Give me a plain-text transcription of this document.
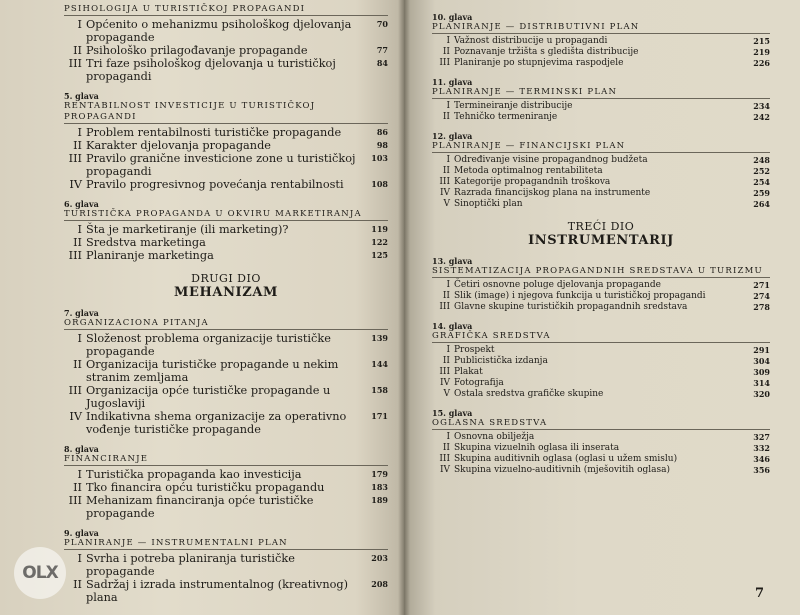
PSIHOLOGIJA U TURISTIČKOJ PROPAGANDI
I Općenito o mehanizmu psihološkog djelovanja propagande
70
II Psihološko prilagođavanje propagande	77
III Tri faze psihološkog djelovanja u turističkoj propagandi
84
5. glava
RENTABILNOST INVESTICIJE U TURISTIČKOJ PROPAGANDI
I Problem rentabilnosti turističke propagande	86
II Karakter djelovanja propagande	98
III Pravilo granične investicione zone u turističkoj propagandi
103
IV Pravilo progresivnog povećanja rentabilnosti	108
6. glava
TURISTIČKA PROPAGANDA U OKVIRU MARKETIRANJA
I Šta je marketiranje (ili marketing)?	119
II Sredstva marketinga	122
III Planiranje marketinga	125
DRUGI DIO
MEHANIZAM
7. glava
ORGANIZACIONA PITANJA
I Složenost problema organizacije turističke propagande
139
II Organizacija turističke propagande u nekim stranim zemljama
144
III Organizacija opće turističke propagande u Jugoslaviji
158
IV Indikativna shema organizacije za operativno vođenje turističke propagande
171
8. glava
FINANCIRANJE
I Turistička propaganda kao investicija	179
II Tko financira opću turističku propagandu	183
III Mehanizam financiranja opće turističke propagande
189
9. glava
PLANIRANJE — INSTRUMENTALNI PLAN
I Svrha i potreba planiranja turističke propagande
203
II Sadržaj i izrada instrumentalnog (kreativnog) plana
208
10. glava
PLANIRANJE — DISTRIBUTIVNI PLAN
I Važnost distribucije u propagandi	215
II Poznavanje tržišta s gledišta distribucije	219
III Planiranje po stupnjevima raspodjele	226
11. glava
PLANIRANJE — TERMINSKI PLAN
I Termineiranje distribucije	234
II Tehničko termeniranje	242
12. glava
PLANIRANJE — FINANCIJSKI PLAN
I Određivanje visine propagandnog budžeta	248
II Metoda optimalnog rentabiliteta	252
III Kategorije propagandnih troškova	254
IV Razrada financijskog plana na instrumente	259
V Sinoptički plan	264
TREĆI DIO
INSTRUMENTARIJ
13. glava
SISTEMATIZACIJA PROPAGANDNIH SREDSTAVA U TURIZMU
I Četiri osnovne poluge djelovanja propagande	271
II Slik (image) i njegova funkcija u turističkoj propagandi	274
III Glavne skupine turističkih propagandnih sredstava	278
14. glava
GRAFIČKA SREDSTVA
I Prospekt	291
II Publicistička izdanja	304
III Plakat	309
IV Fotografija	314
V Ostala sredstva grafičke skupine	320
15. glava
OGLASNA SREDSTVA
I Osnovna obilježja	327
II Skupina vizuelnih oglasa ili inserata	332
III Skupina auditivnih oglasa (oglasi u užem smislu)	346
IV Skupina vizuelno-auditivnih (mješovitih oglasa)	356
7
OLX
